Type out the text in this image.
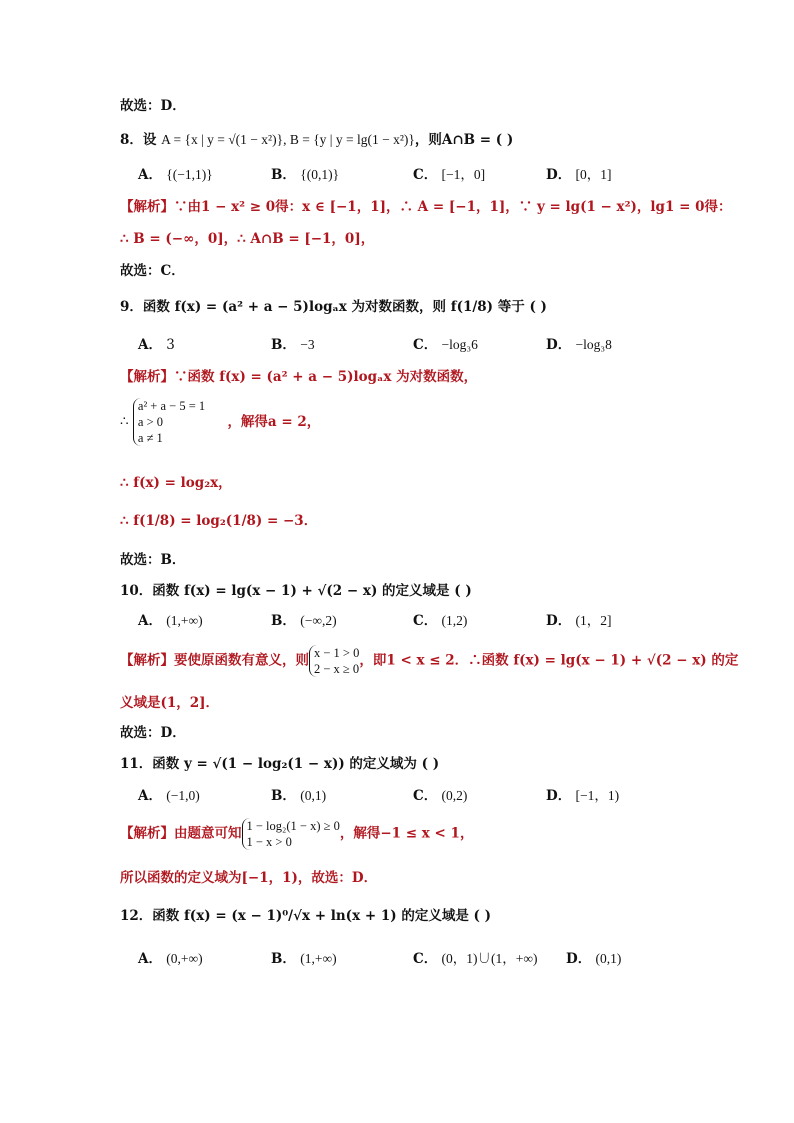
故选：D．
8．设 A = {x | y = √(1 − x²)}, B = {y | y = lg(1 − x²)}，则A∩B = ( )
A． {(−1,1)}	B． {(0,1)}	C． [−1，0]	D． [0，1]
【解析】∵由1 − x² ≥ 0得：x ∈ [−1，1]，∴ A = [−1，1]，∵ y = lg(1 − x²)，lg1 = 0得：
∴ B = (−∞，0]，∴ A∩B = [−1，0]，
故选：C．
9．函数 f(x) = (a² + a − 5)logₐx 为对数函数，则 f(1/8) 等于 ( )
A． 3	B． −3	C． −log₃6	D． −log₃8
【解析】∵函数 f(x) = (a² + a − 5)logₐx 为对数函数，
∴
a² + a − 5 = 1
a > 0
a ≠ 1
，解得a = 2，
∴ f(x) = log₂x，
∴ f(1/8) = log₂(1/8) = −3．
故选：B．
10．函数 f(x) = lg(x − 1) + √(2 − x) 的定义域是 ( )
A． (1,+∞)	B． (−∞,2)	C． (1,2)	D． (1，2]
【解析】要使原函数有意义，则 x − 1 > 0
2 − x ≥ 0
，即1 < x ≤ 2．∴函数 f(x) = lg(x − 1) + √(2 − x) 的定
义域是(1，2]．
故选：D．
11．函数 y = √(1 − log₂(1 − x)) 的定义域为 ( )
A． (−1,0)	B． (0,1)	C． (0,2)	D． [−1，1)
【解析】由题意可知 1 − log₂(1 − x) ≥ 0
1 − x > 0
，解得−1 ≤ x < 1，
所以函数的定义域为[−1，1)，故选：D．
12．函数 f(x) = (x − 1)⁰/√x + ln(x + 1) 的定义域是 ( )
A． (0,+∞)	B． (1,+∞)	C． (0，1)∪(1，+∞) D． (0,1)
